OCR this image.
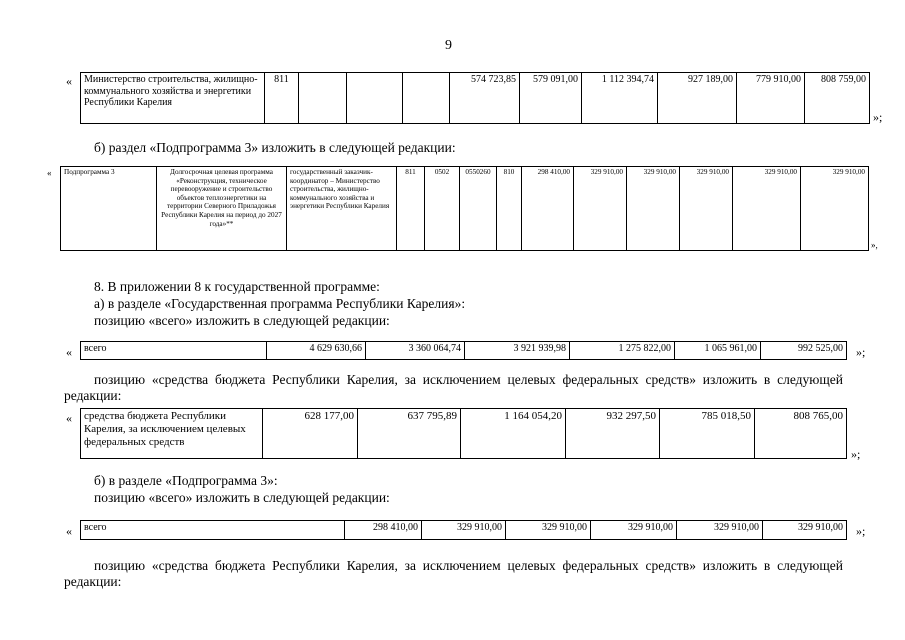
9
« Министерство строительства, жилищно-коммунального хозяйства и энергетики Республики Карелия	811				574 723,85	579 091,00	1 112 394,74	927 189,00	779 910,00	808 759,00
»;
б) раздел «Подпрограмма 3» изложить в следующей редакции:
« Подпрограмма 3	Долгосрочная целевая программа «Реконструкция, техническое перевооружение и строительство объектов теплоэнергетики на территории Северного Приладожья Республики Карелия на период до 2027 года»**	государственный заказчик-координатор – Министерство строительства, жилищно-коммунального хозяйства и энергетики Республики Карелия	811	0502	0550260	810	298 410,00	329 910,00	329 910,00	329 910,00	329 910,00	329 910,00
»,
8. В приложении 8 к государственной программе:
а) в разделе «Государственная программа Республики Карелия»:
позицию «всего» изложить в следующей редакции:
« всего	4 629 630,66	3 360 064,74	3 921 939,98	1 275 822,00	1 065 961,00	992 525,00 »;
позицию «средства бюджета Республики Карелия, за исключением целевых федеральных средств» изложить в следующей
редакции:
« средства бюджета Республики Карелия, за исключением целевых федеральных средств	628 177,00	637 795,89	1 164 054,20	932 297,50	785 018,50	808 765,00
»;
б) в разделе «Подпрограмма 3»:
позицию «всего» изложить в следующей редакции:
« всего	298 410,00	329 910,00	329 910,00	329 910,00	329 910,00	329 910,00 »;
позицию «средства бюджета Республики Карелия, за исключением целевых федеральных средств» изложить в следующей
редакции:
